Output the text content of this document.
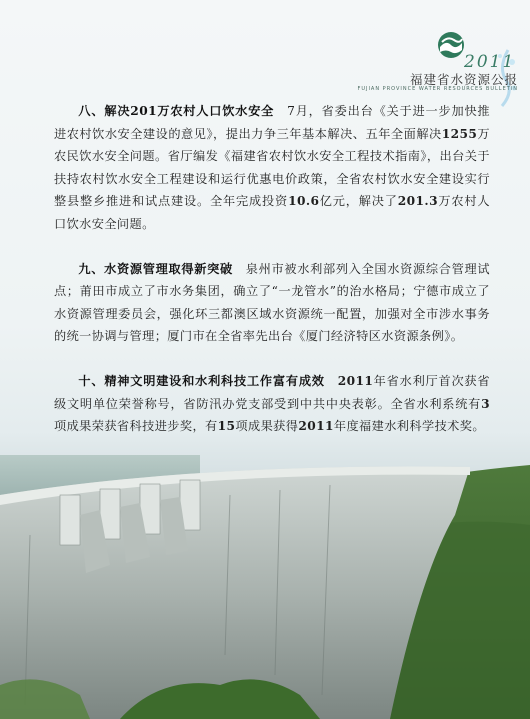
2011
福建省水资源公报
FUJIAN PROVINCE WATER RESOURCES BULLETIN

八、解决201万农村人口饮水安全　 7月，省委出台《关于进一步加快推进农村饮水安全建设的意见》，提出力争三年基本解决、五年全面解决1255万农民饮水安全问题。省厅编发《福建省农村饮水安全工程技术指南》，出台关于扶持农村饮水安全工程建设和运行优惠电价政策，全省农村饮水安全建设实行整县整乡推进和试点建设。全年完成投资10.6亿元，解决了201.3万农村人口饮水安全问题。

九、水资源管理取得新突破　 泉州市被水利部列入全国水资源综合管理试点；莆田市成立了市水务集团，确立了“一龙管水”的治水格局；宁德市成立了水资源管理委员会，强化环三都澳区域水资源统一配置，加强对全市涉水事务的统一协调与管理；厦门市在全省率先出台《厦门经济特区水资源条例》。

十、精神文明建设和水利科技工作富有成效　 2011年省水利厅首次获省级文明单位荣誉称号，省防汛办党支部受到中共中央表彰。全省水利系统有3项成果荣获省科技进步奖，有15项成果获得2011年度福建水利科学技术奖。
